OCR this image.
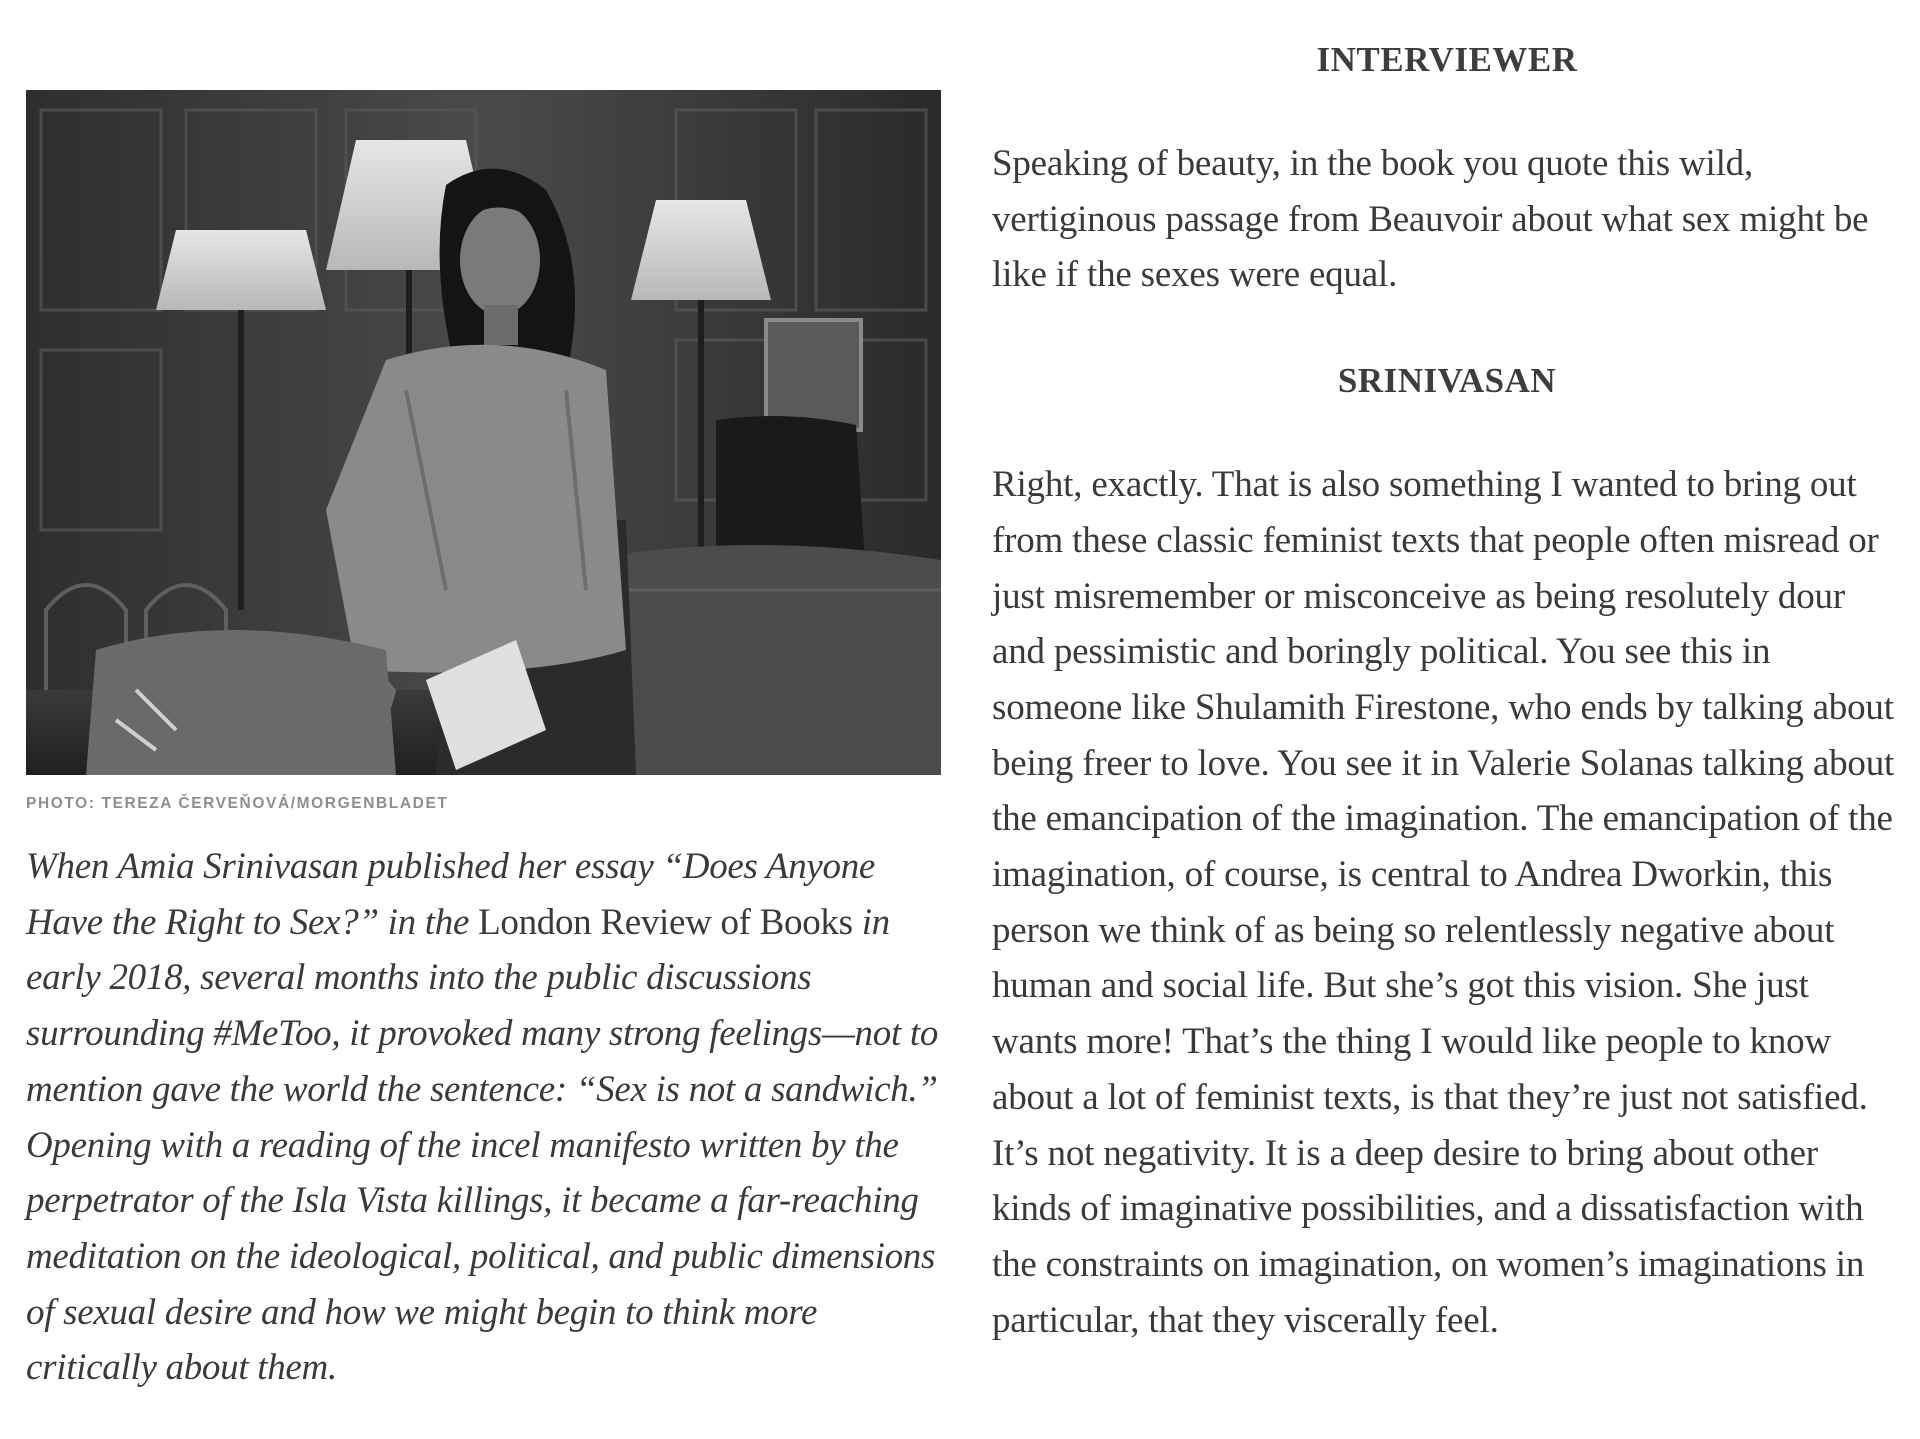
PHOTO: TEREZA ČERVEŇOVÁ/MORGENBLADET

When Amia Srinivasan published her essay “Does Anyone Have the Right to Sex?” in the London Review of Books in early 2018, several months into the public discussions surrounding #MeToo, it provoked many strong feelings—not to mention gave the world the sentence: “Sex is not a sandwich.” Opening with a reading of the incel manifesto written by the perpetrator of the Isla Vista killings, it became a far-reaching meditation on the ideological, political, and public dimensions of sexual desire and how we might begin to think more critically about them.

INTERVIEWER

Speaking of beauty, in the book you quote this wild, vertiginous passage from Beauvoir about what sex might be like if the sexes were equal.

SRINIVASAN

Right, exactly. That is also something I wanted to bring out from these classic feminist texts that people often misread or just misremember or misconceive as being resolutely dour and pessimistic and boringly political. You see this in someone like Shulamith Firestone, who ends by talking about being freer to love. You see it in Valerie Solanas talking about the emancipation of the imagination. The emancipation of the imagination, of course, is central to Andrea Dworkin, this person we think of as being so relentlessly negative about human and social life. But she’s got this vision. She just wants more! That’s the thing I would like people to know about a lot of feminist texts, is that they’re just not satisfied. It’s not negativity. It is a deep desire to bring about other kinds of imaginative possibilities, and a dissatisfaction with the constraints on imagination, on women’s imaginations in particular, that they viscerally feel.
